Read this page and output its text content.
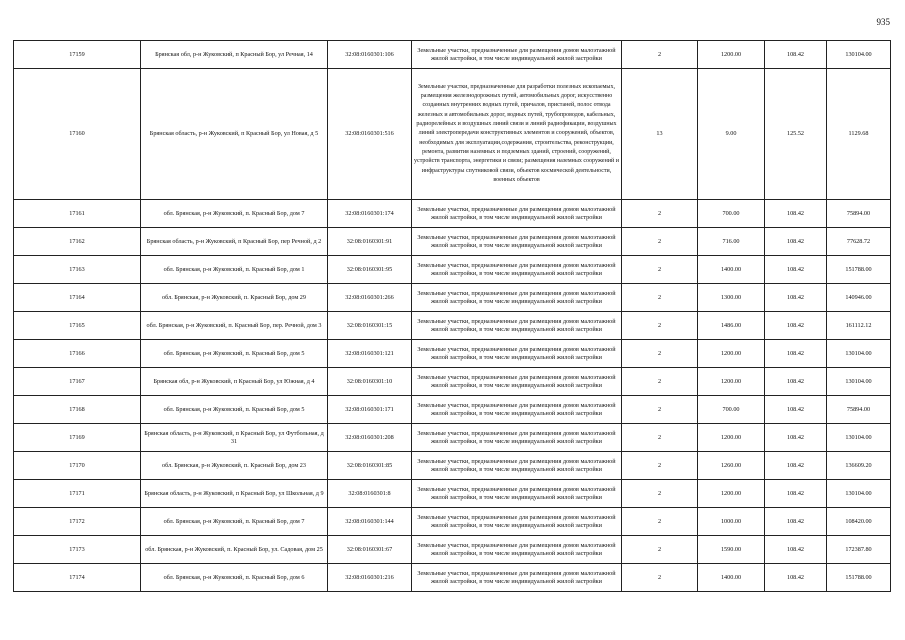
935
17159	Брянская обл, р-н Жуковский, п Красный Бор, ул Речная, 14	32:08:0160301:106	Земельные участки, предназначенные для размещения домов малоэтажной жилой застройки, в том числе индивидуальной жилой застройки	2	1200.00	108.42	130104.00
17160	Брянская область, р-н Жуковский, п Красный Бор, ул Новая, д 5	32:08:0160301:516	Земельные участки, предназначенные для разработки полезных ископаемых, размещения железнодорожных путей, автомобильных дорог, искусственно созданных внутренних водных путей, причалов, пристаней, полос отвода железных и автомобильных дорог, водных путей, трубопроводов, кабельных, радиорелейных и воздушных линий связи и линий радиофикации, воздушных линий электропередачи конструктивных элементов и сооружений, объектов, необходимых для эксплуатации,содержания, строительства, реконструкции, ремонта, развития наземных и подземных зданий, строений, сооружений, устройств транспорта, энергетики и связи; размещения наземных сооружений и инфраструктуры спутниковой связи, объектов космической деятельности, военных объектов	13	9.00	125.52	1129.68
17161	обл. Брянская, р-н Жуковский, п. Красный Бор, дом 7	32:08:0160301:174	Земельные участки, предназначенные для размещения домов малоэтажной жилой застройки, в том числе индивидуальной жилой застройки	2	700.00	108.42	75894.00
17162	Брянская область, р-н Жуковский, п Красный Бор, пер Речной, д 2	32:08:0160301:91	Земельные участки, предназначенные для размещения домов малоэтажной жилой застройки, в том числе индивидуальной жилой застройки	2	716.00	108.42	77628.72
17163	обл. Брянская, р-н Жуковский, п. Красный Бор, дом 1	32:08:0160301:95	Земельные участки, предназначенные для размещения домов малоэтажной жилой застройки, в том числе индивидуальной жилой застройки	2	1400.00	108.42	151788.00
17164	обл. Брянская, р-н Жуковский, п. Красный Бор, дом 29	32:08:0160301:266	Земельные участки, предназначенные для размещения домов малоэтажной жилой застройки, в том числе индивидуальной жилой застройки	2	1300.00	108.42	140946.00
17165	обл. Брянская, р-н Жуковский, п. Красный Бор, пер. Речной, дом 3	32:08:0160301:15	Земельные участки, предназначенные для размещения домов малоэтажной жилой застройки, в том числе индивидуальной жилой застройки	2	1486.00	108.42	161112.12
17166	обл. Брянская, р-н Жуковский, п. Красный Бор, дом 5	32:08:0160301:121	Земельные участки, предназначенные для размещения домов малоэтажной жилой застройки, в том числе индивидуальной жилой застройки	2	1200.00	108.42	130104.00
17167	Брянская обл, р-н Жуковский, п Красный Бор, ул Южная, д 4	32:08:0160301:10	Земельные участки, предназначенные для размещения домов малоэтажной жилой застройки, в том числе индивидуальной жилой застройки	2	1200.00	108.42	130104.00
17168	обл. Брянская, р-н Жуковский, п. Красный Бор, дом 5	32:08:0160301:171	Земельные участки, предназначенные для размещения домов малоэтажной жилой застройки, в том числе индивидуальной жилой застройки	2	700.00	108.42	75894.00
17169	Брянская область, р-н Жуковский, п Красный Бор, ул Футбольная, д 31	32:08:0160301:208	Земельные участки, предназначенные для размещения домов малоэтажной жилой застройки, в том числе индивидуальной жилой застройки	2	1200.00	108.42	130104.00
17170	обл. Брянская, р-н Жуковский, п. Красный Бор, дом 23	32:08:0160301:85	Земельные участки, предназначенные для размещения домов малоэтажной жилой застройки, в том числе индивидуальной жилой застройки	2	1260.00	108.42	136609.20
17171	Брянская область, р-н Жуковский, п Красный Бор, ул Школьная, д 9	32:08:0160301:8	Земельные участки, предназначенные для размещения домов малоэтажной жилой застройки, в том числе индивидуальной жилой застройки	2	1200.00	108.42	130104.00
17172	обл. Брянская, р-н Жуковский, п. Красный Бор, дом 7	32:08:0160301:144	Земельные участки, предназначенные для размещения домов малоэтажной жилой застройки, в том числе индивидуальной жилой застройки	2	1000.00	108.42	108420.00
17173	обл. Брянская, р-н Жуковский, п. Красный Бор, ул. Садовая, дом 25	32:08:0160301:67	Земельные участки, предназначенные для размещения домов малоэтажной жилой застройки, в том числе индивидуальной жилой застройки	2	1590.00	108.42	172387.80
17174	обл. Брянская, р-н Жуковский, п. Красный Бор, дом 6	32:08:0160301:216	Земельные участки, предназначенные для размещения домов малоэтажной жилой застройки, в том числе индивидуальной жилой застройки	2	1400.00	108.42	151788.00
